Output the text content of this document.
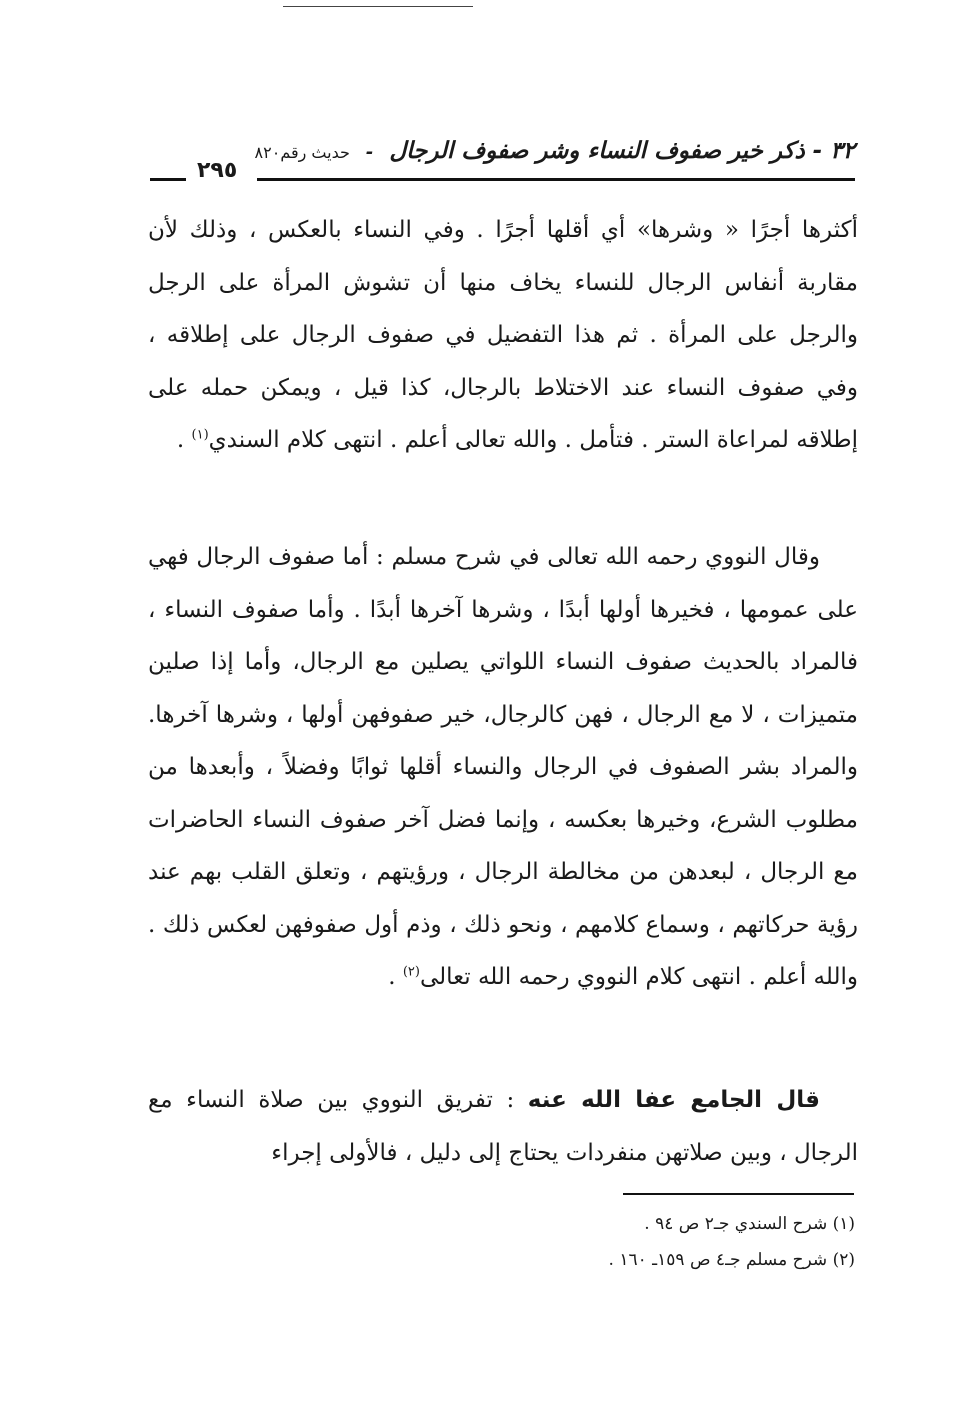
٣٢ - ذكر خير صفوف النساء وشر صفوف الرجال - حديث رقم٨٢٠
٢٩٥
أكثرها أجرًا « وشرها» أي أقلها أجرًا . وفي النساء بالعكس ، وذلك لأن مقاربة أنفاس الرجال للنساء يخاف منها أن تشوش المرأة على الرجل والرجل على المرأة . ثم هذا التفضيل في صفوف الرجال على إطلاقه ، وفي صفوف النساء عند الاختلاط بالرجال، كذا قيل ، ويمكن حمله على إطلاقه لمراعاة الستر . فتأمل . والله تعالى أعلم . انتهى كلام السندي$^{(١)}$ .
وقال النووي رحمه الله تعالى في شرح مسلم : أما صفوف الرجال فهي على عمومها ، فخيرها أولها أبدًا ، وشرها آخرها أبدًا . وأما صفوف النساء ، فالمراد بالحديث صفوف النساء اللواتي يصلين مع الرجال، وأما إذا صلين متميزات ، لا مع الرجال ، فهن كالرجال، خير صفوفهن أولها ، وشرها آخرها. والمراد بشر الصفوف في الرجال والنساء أقلها ثوابًا وفضلاً ، وأبعدها من مطلوب الشرع، وخيرها بعكسه ، وإنما فضل آخر صفوف النساء الحاضرات مع الرجال ، لبعدهن من مخالطة الرجال ، ورؤيتهم ، وتعلق القلب بهم عند رؤية حركاتهم ، وسماع كلامهم ، ونحو ذلك ، وذم أول صفوفهن لعكس ذلك . والله أعلم . انتهى كلام النووي رحمه الله تعالى$^{(٢)}$ .
قال الجامع عفا الله عنه : تفريق النووي بين صلاة النساء مع الرجال ، وبين صلاتهن منفردات يحتاج إلى دليل ، فالأولى إجراء
(١) شرح السندي جـ٢ ص ٩٤ .
(٢) شرح مسلم جـ٤ ص ١٥٩ـ ١٦٠ .
